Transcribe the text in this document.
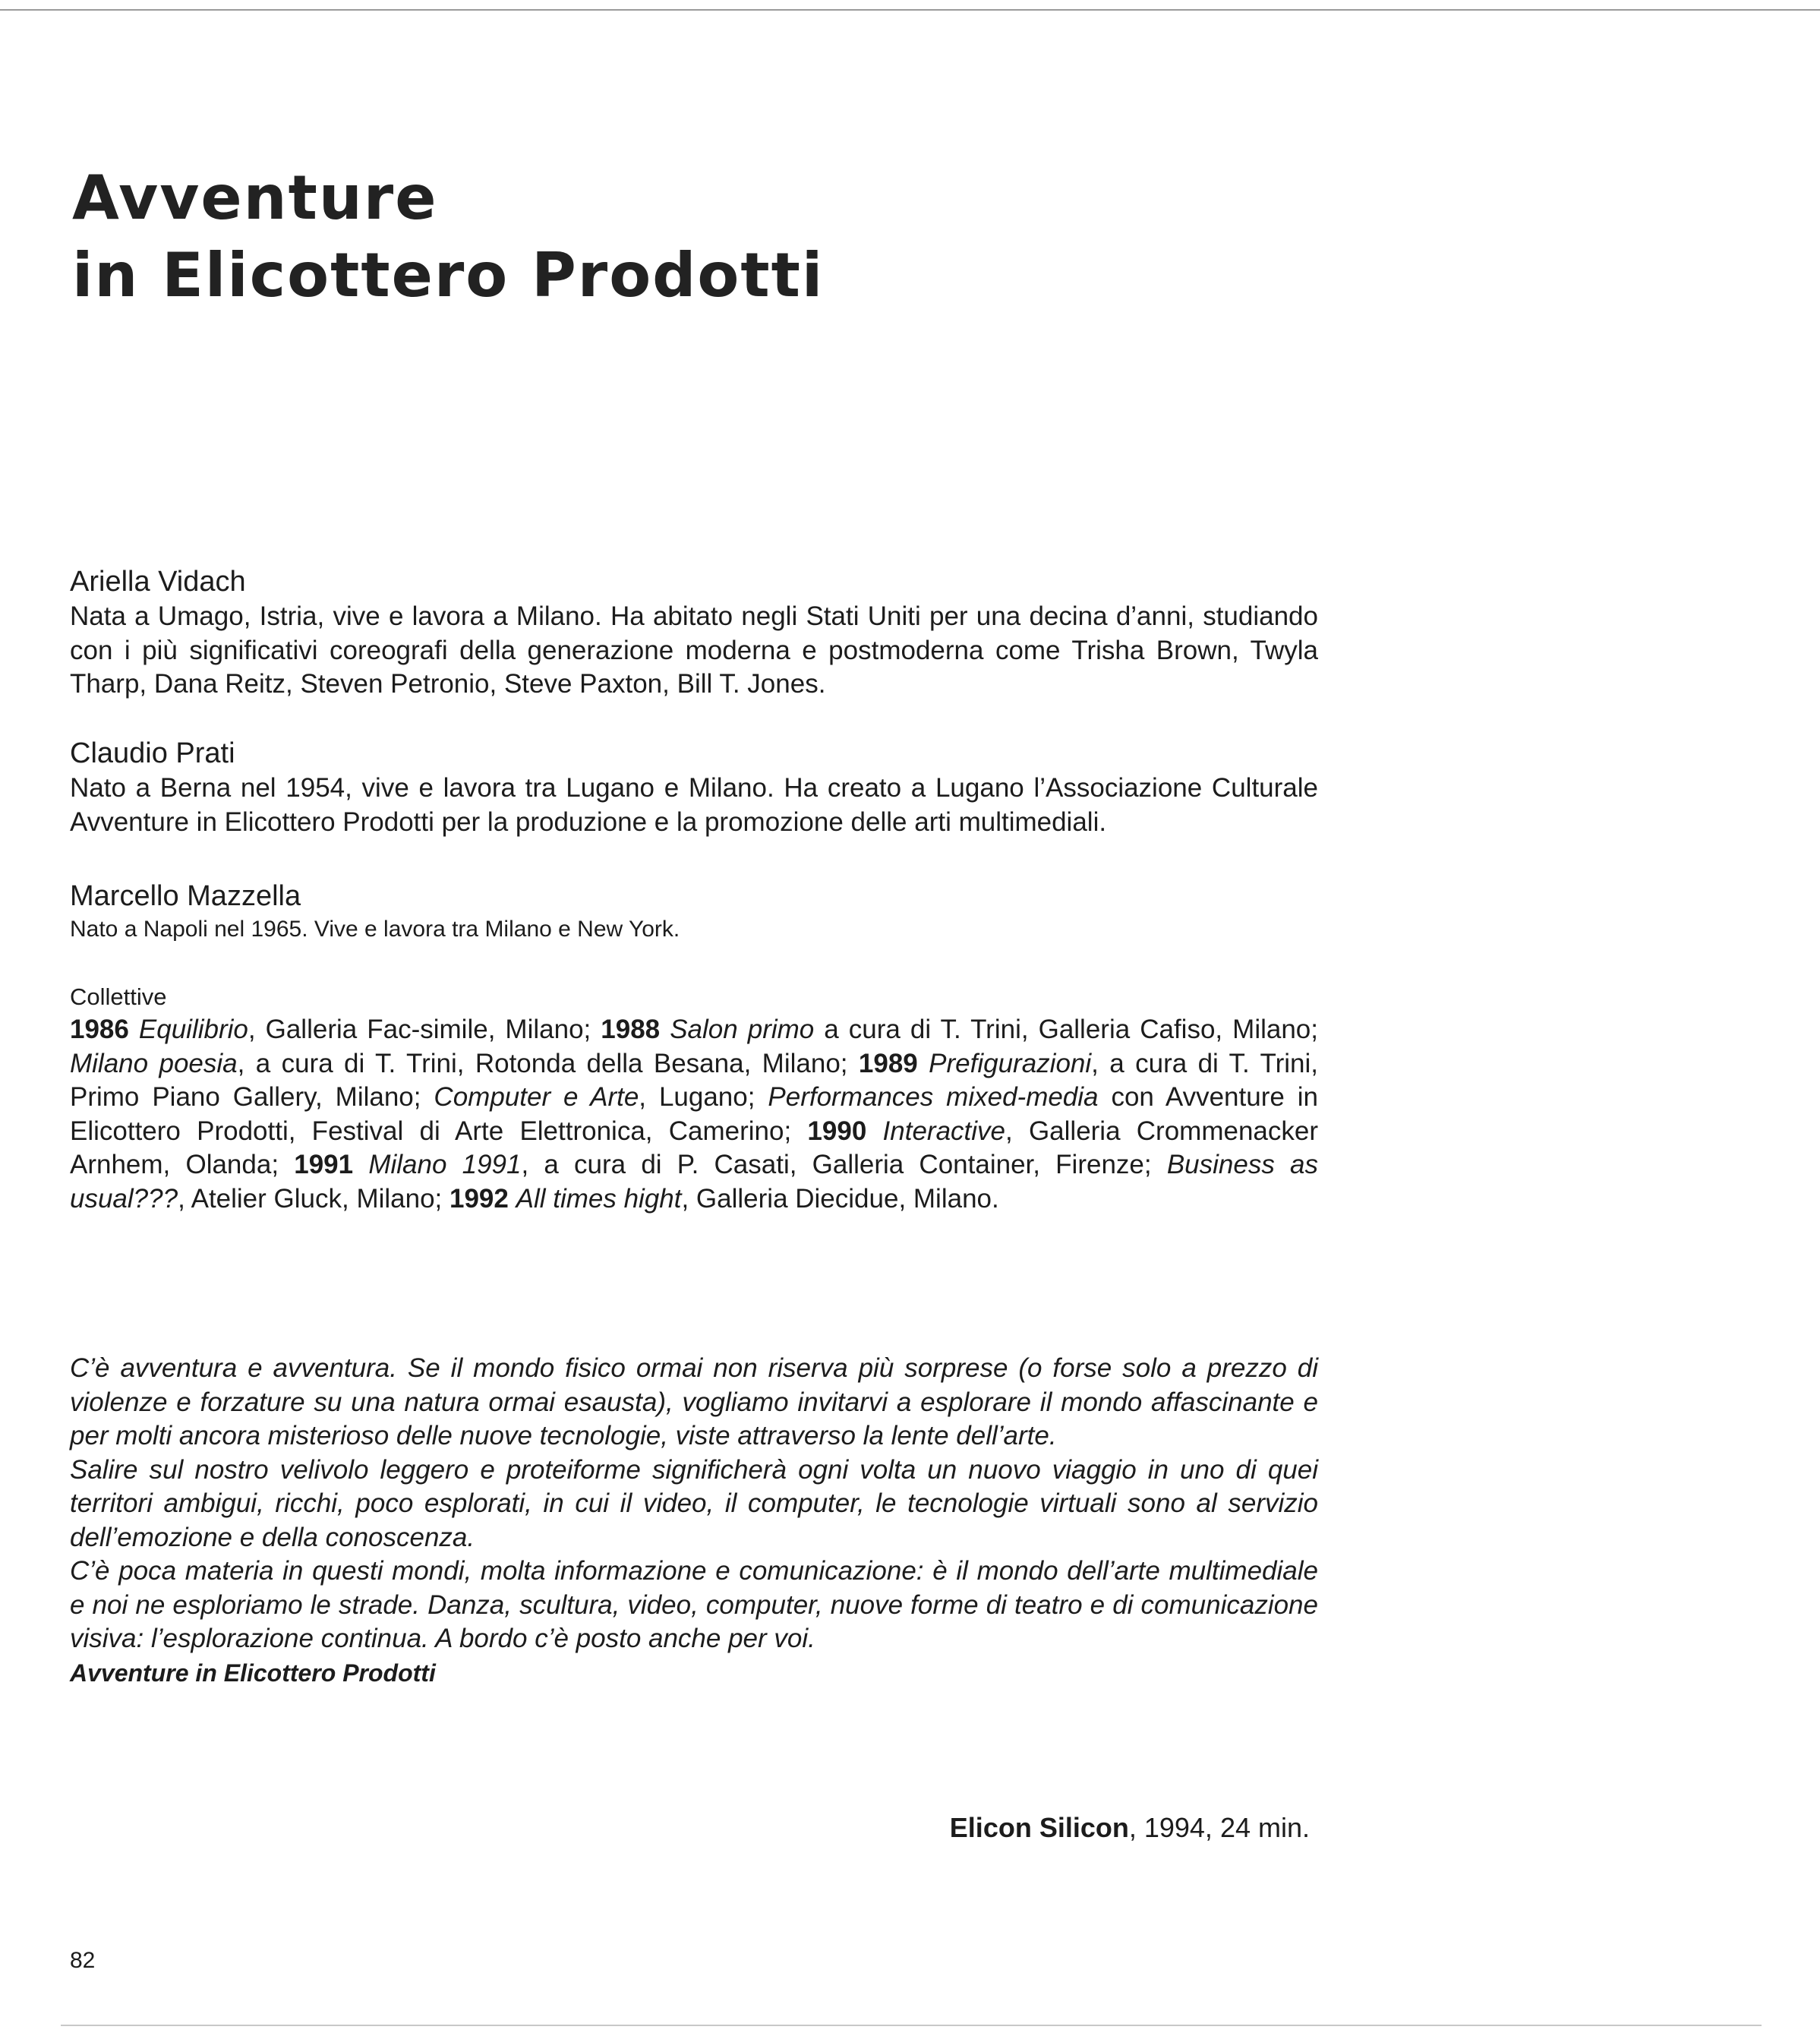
Avventure
in Elicottero Prodotti

Ariella Vidach

Nata a Umago, Istria, vive e lavora a Milano. Ha abitato negli Stati Uniti per una decina d’anni, studiando con i più significativi coreografi della generazione moderna e postmoderna come Trisha Brown, Twyla Tharp, Dana Reitz, Steven Petronio, Steve Paxton, Bill T. Jones.

Claudio Prati

Nato a Berna nel 1954, vive e lavora tra Lugano e Milano. Ha creato a Lugano l’Associazione Culturale Avventure in Elicottero Prodotti per la produzione e la promozione delle arti multimediali.

Marcello Mazzella

Nato a Napoli nel 1965. Vive e lavora tra Milano e New York.

Collettive

1986 Equilibrio, Galleria Fac-simile, Milano; 1988 Salon primo a cura di T. Trini, Galleria Cafiso, Milano; Milano poesia, a cura di T. Trini, Rotonda della Besana, Milano; 1989 Prefigurazioni, a cura di T. Trini, Primo Piano Gallery, Milano; Computer e Arte, Lugano; Performances mixed-media con Avventure in Elicottero Prodotti, Festival di Arte Elettronica, Camerino; 1990 Interactive, Galleria Crommenacker Arnhem, Olanda; 1991 Milano 1991, a cura di P. Casati, Galleria Container, Firenze; Business as usual???, Atelier Gluck, Milano; 1992 All times hight, Galleria Diecidue, Milano.

C’è avventura e avventura. Se il mondo fisico ormai non riserva più sorprese (o forse solo a prezzo di violenze e forzature su una natura ormai esausta), vogliamo invitarvi a esplorare il mondo affascinante e per molti ancora misterioso delle nuove tecnologie, viste attraverso la lente dell’arte.

Salire sul nostro velivolo leggero e proteiforme significherà ogni volta un nuovo viaggio in uno di quei territori ambigui, ricchi, poco esplorati, in cui il video, il computer, le tecnologie virtuali sono al servizio dell’emozione e della conoscenza.

C’è poca materia in questi mondi, molta informazione e comunicazione: è il mondo dell’arte multimediale e noi ne esploriamo le strade. Danza, scultura, video, computer, nuove forme di teatro e di comunicazione visiva: l’esplorazione continua. A bordo c’è posto anche per voi.

Avventure in Elicottero Prodotti

Elicon Silicon, 1994, 24 min.

82
